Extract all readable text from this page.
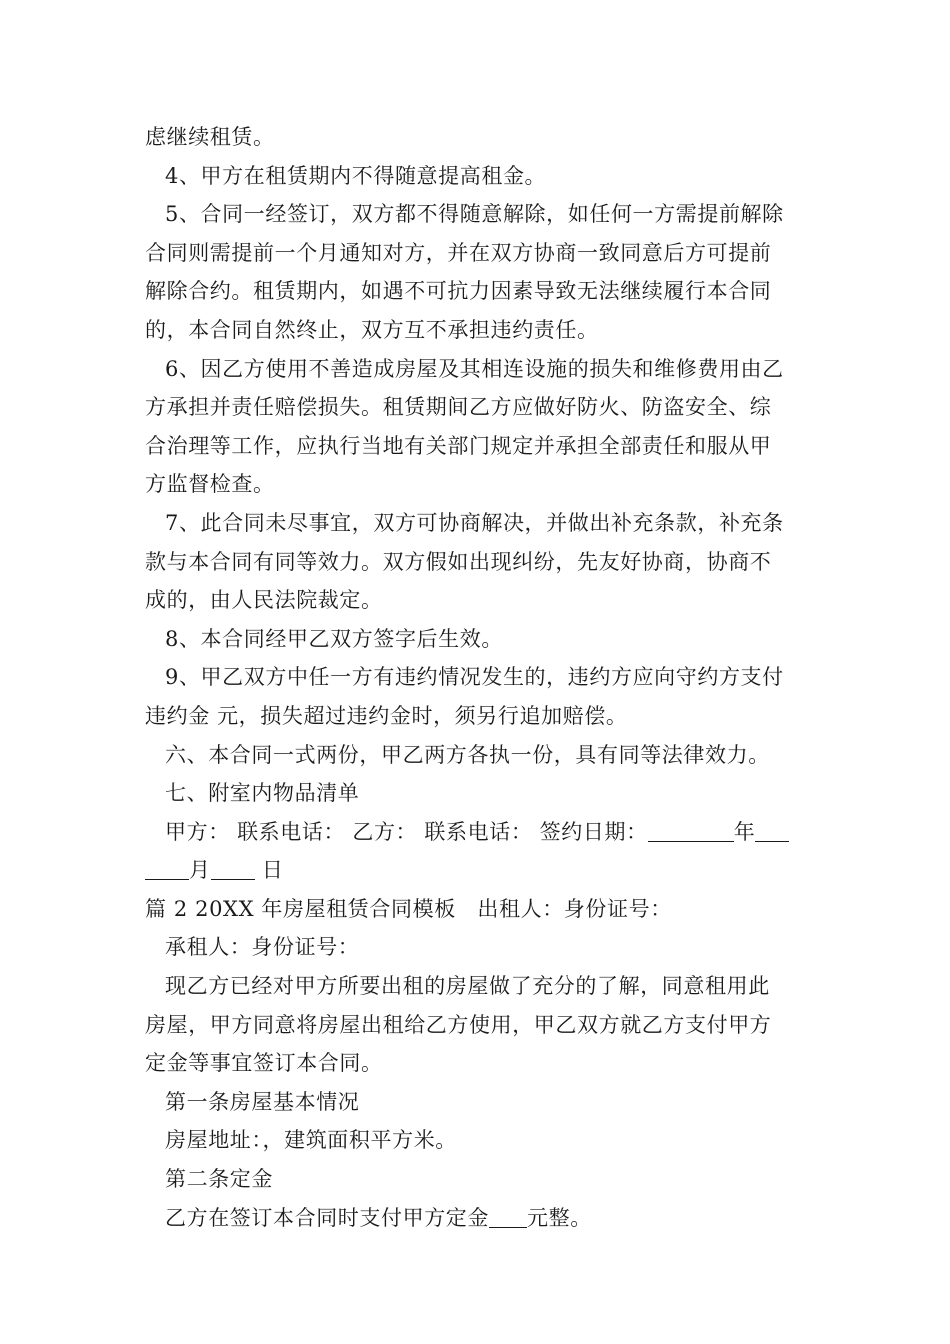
虑继续租赁。
4、甲方在租赁期内不得随意提高租金。
5、合同一经签订，双方都不得随意解除，如任何一方需提前解除
合同则需提前一个月通知对方，并在双方协商一致同意后方可提前
解除合约。租赁期内，如遇不可抗力因素导致无法继续履行本合同
的，本合同自然终止，双方互不承担违约责任。
6、因乙方使用不善造成房屋及其相连设施的损失和维修费用由乙
方承担并责任赔偿损失。租赁期间乙方应做好防火、防盗安全、综
合治理等工作，应执行当地有关部门规定并承担全部责任和服从甲
方监督检查。
7、此合同未尽事宜，双方可协商解决，并做出补充条款，补充条
款与本合同有同等效力。双方假如出现纠纷，先友好协商，协商不
成的，由人民法院裁定。
8、本合同经甲乙双方签字后生效。
9、甲乙双方中任一方有违约情况发生的，违约方应向守约方支付
违约金 元，损失超过违约金时，须另行追加赔偿。
六、本合同一式两份，甲乙两方各执一份，具有同等法律效力。
七、附室内物品清单
甲方： 联系电话： 乙方： 联系电话： 签约日期：	年
月 日
篇 2 20XX 年房屋租赁合同模板　出租人：身份证号：
承租人：身份证号：
现乙方已经对甲方所要出租的房屋做了充分的了解，同意租用此
房屋，甲方同意将房屋出租给乙方使用，甲乙双方就乙方支付甲方
定金等事宜签订本合同。
第一条房屋基本情况
房屋地址：，建筑面积平方米。
第二条定金
乙方在签订本合同时支付甲方定金 元整。
